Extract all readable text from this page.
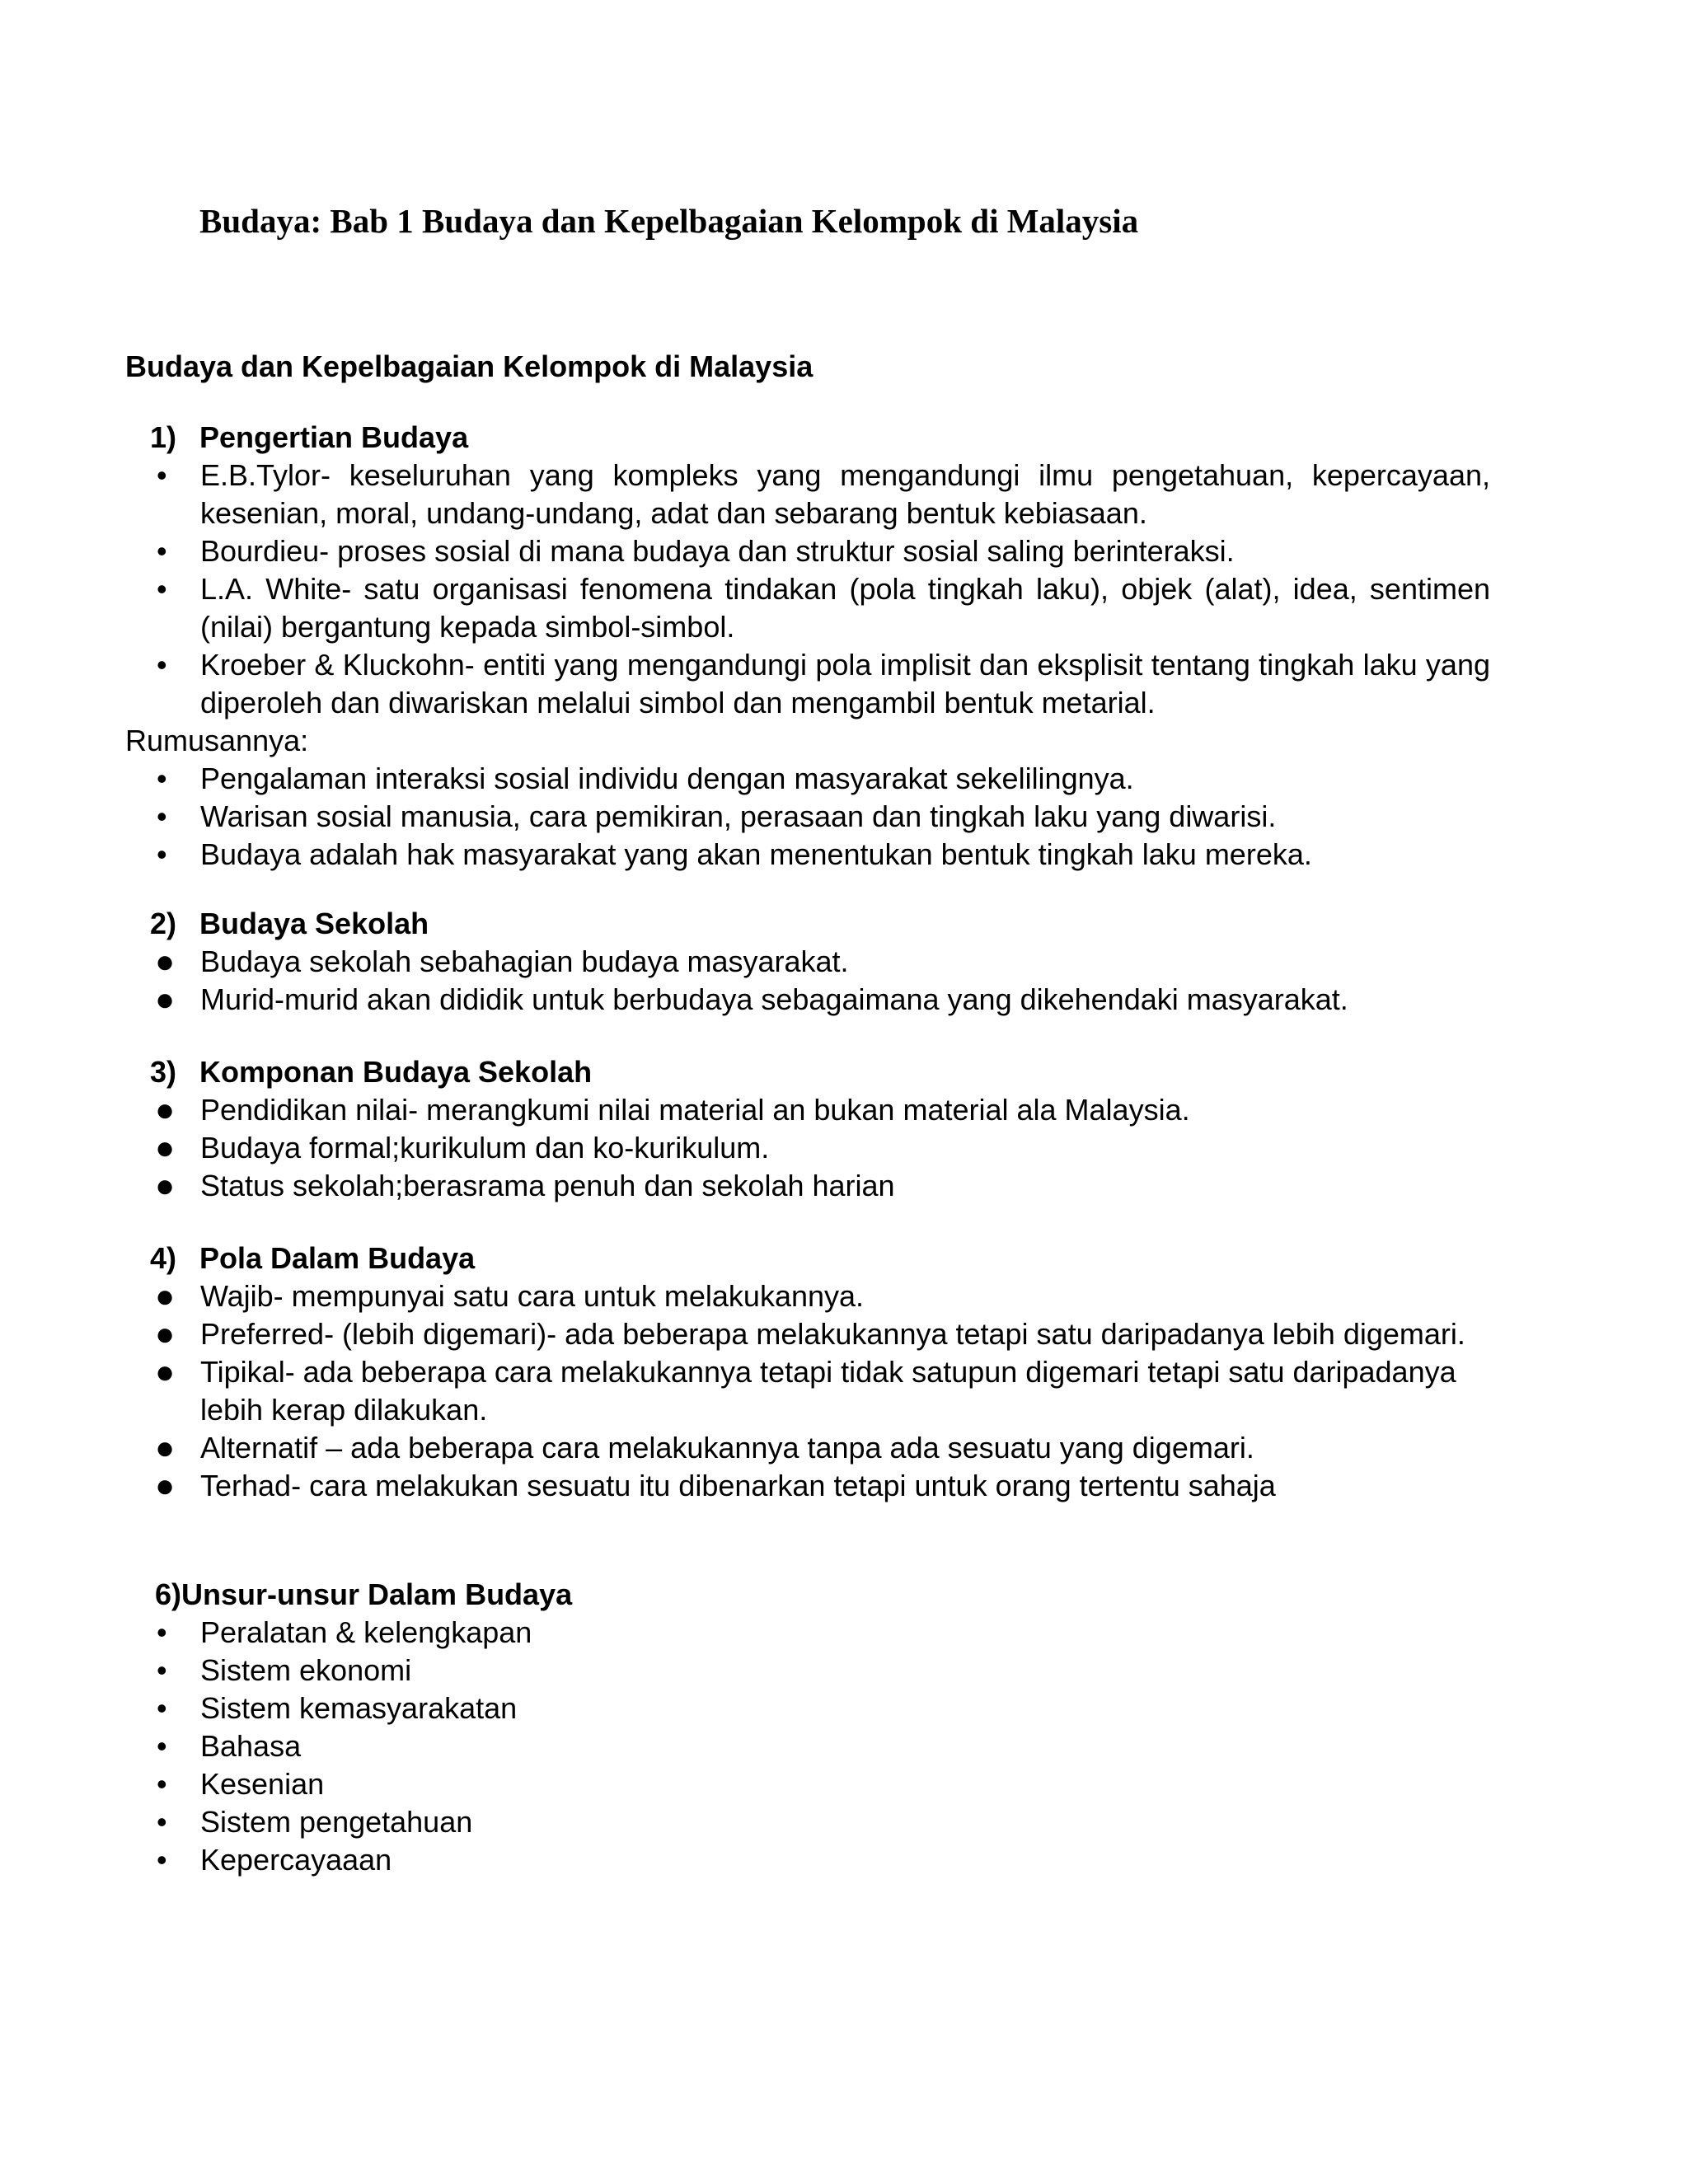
Budaya: Bab 1 Budaya dan Kepelbagaian Kelompok di Malaysia
Budaya dan Kepelbagaian Kelompok di Malaysia
1) Pengertian Budaya
• E.B.Tylor- keseluruhan yang kompleks yang mengandungi ilmu pengetahuan, kepercayaan, kesenian, moral, undang-undang, adat dan sebarang bentuk kebiasaan.
• Bourdieu- proses sosial di mana budaya dan struktur sosial saling berinteraksi.
• L.A. White- satu organisasi fenomena tindakan (pola tingkah laku), objek (alat), idea, sentimen (nilai) bergantung kepada simbol-simbol.
• Kroeber & Kluckohn- entiti yang mengandungi pola implisit dan eksplisit tentang tingkah laku yang diperoleh dan diwariskan melalui simbol dan mengambil bentuk metarial.

Rumusannya:

• Pengalaman interaksi sosial individu dengan masyarakat sekelilingnya.
• Warisan sosial manusia, cara pemikiran, perasaan dan tingkah laku yang diwarisi.
• Budaya adalah hak masyarakat yang akan menentukan bentuk tingkah laku mereka.
2) Budaya Sekolah
● Budaya sekolah sebahagian budaya masyarakat.
● Murid-murid akan dididik untuk berbudaya sebagaimana yang dikehendaki masyarakat.
3) Komponan Budaya Sekolah
● Pendidikan nilai- merangkumi nilai material an bukan material ala Malaysia.
● Budaya formal;kurikulum dan ko-kurikulum.
● Status sekolah;berasrama penuh dan sekolah harian
4) Pola Dalam Budaya
● Wajib- mempunyai satu cara untuk melakukannya.
● Preferred- (lebih digemari)- ada beberapa melakukannya tetapi satu daripadanya lebih digemari.
● Tipikal- ada beberapa cara melakukannya tetapi tidak satupun digemari tetapi satu daripadanya lebih kerap dilakukan.
● Alternatif – ada beberapa cara melakukannya tanpa ada sesuatu yang digemari.
● Terhad- cara melakukan sesuatu itu dibenarkan tetapi untuk orang tertentu sahaja
6)Unsur-unsur Dalam Budaya
• Peralatan & kelengkapan
• Sistem ekonomi
• Sistem kemasyarakatan
• Bahasa
• Kesenian
• Sistem pengetahuan
• Kepercayaaan
